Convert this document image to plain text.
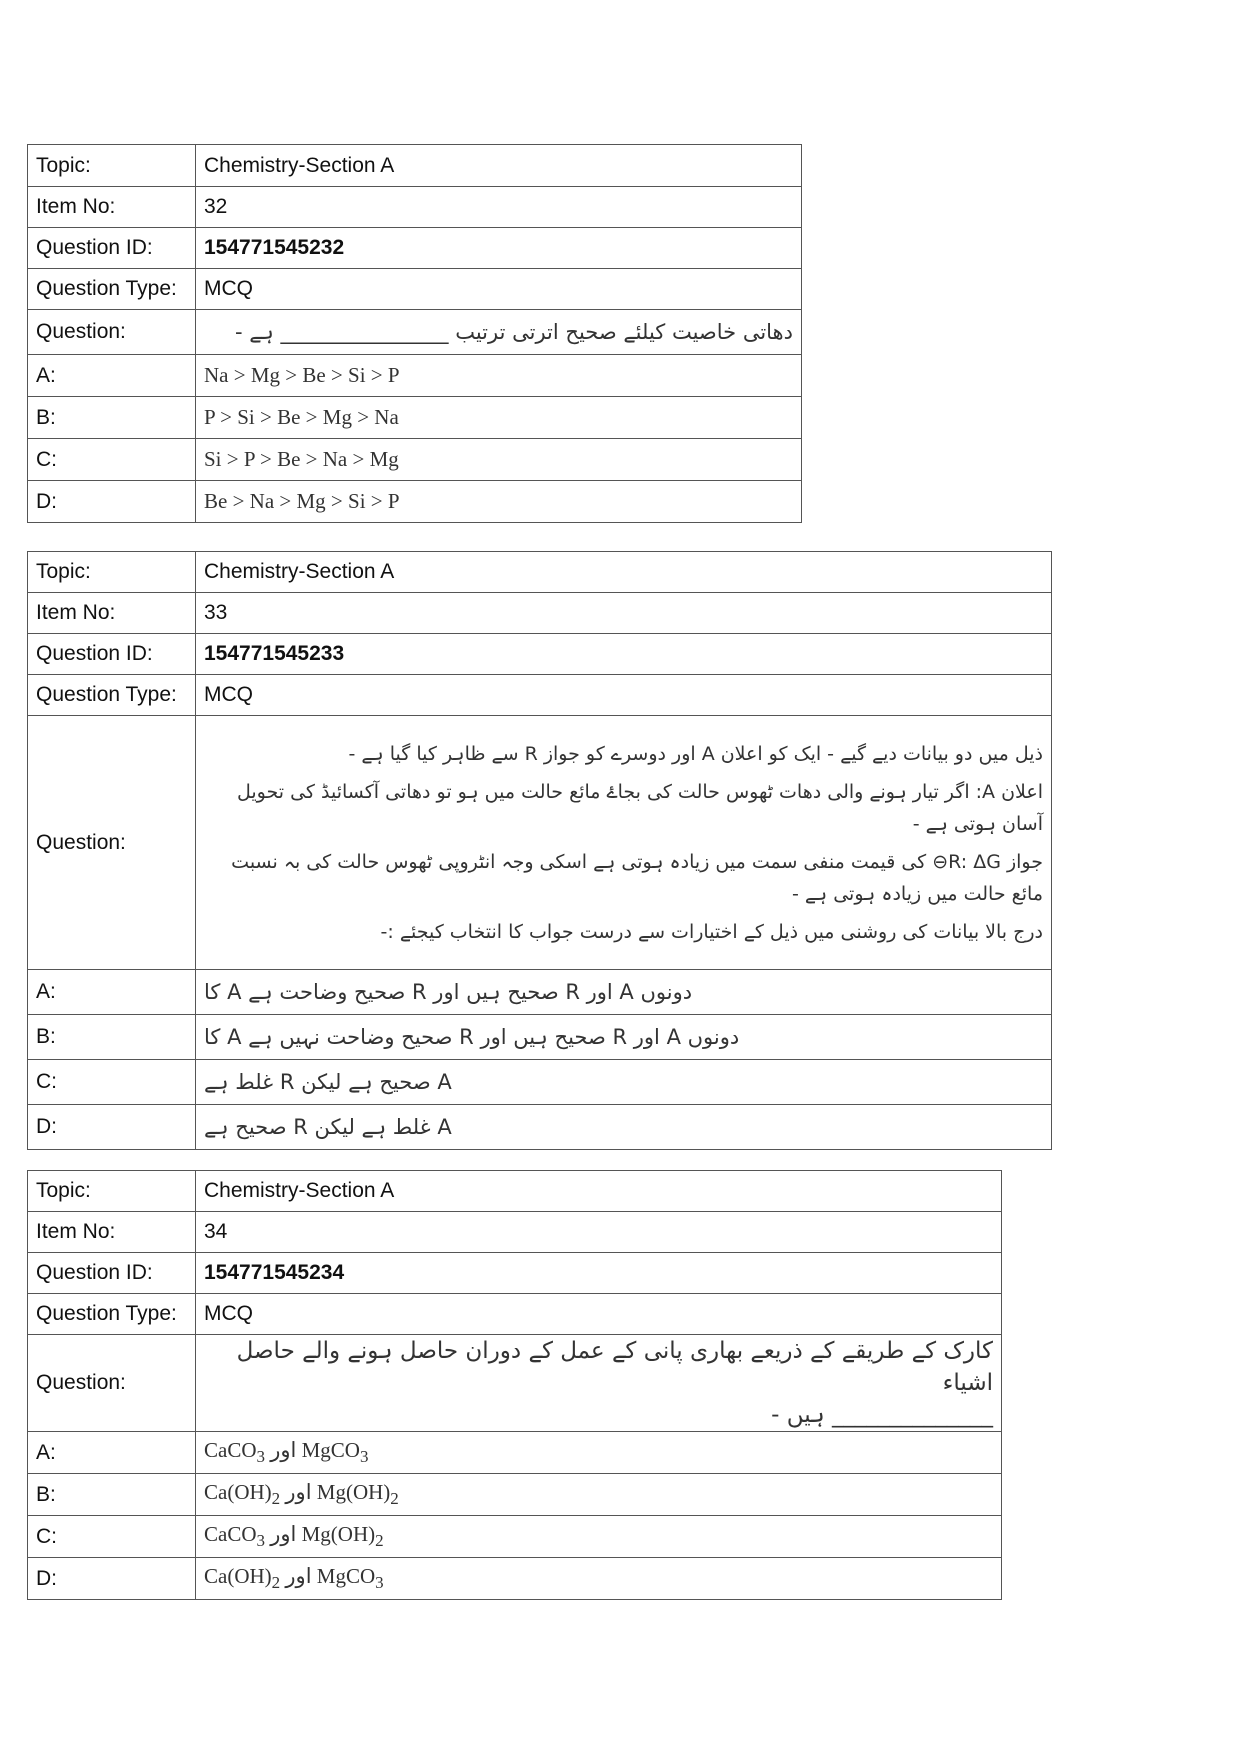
Topic:	Chemistry-Section A
Item No:	32
Question ID:	154771545232
Question Type:	MCQ
Question:	دھاتی خاصیت کیلئے صحیح اترتی ترتیب ________________ ہے -

A:	Na > Mg > Be > Si > P
B:	P > Si > Be > Mg > Na
C:	Si > P > Be > Na > Mg
D:	Be > Na > Mg > Si > P
Topic:	Chemistry-Section A
Item No:	33
Question ID:	154771545233
Question Type:	MCQ
Question:	ذیل میں دو بیانات دیے گیے - ایک کو اعلان A اور دوسرے کو جواز R سے ظاہر کیا گیا ہے -

اعلان A: اگر تیار ہونے والی دھات ٹھوس حالت کی بجاۓ مائع حالت میں ہو تو دھاتی آکسائیڈ کی تحویل آسان ہوتی ہے -

جواز R: ΔG⊖ کی قیمت منفی سمت میں زیادہ ہوتی ہے اسکی وجہ انٹروپی ٹھوس حالت کی بہ نسبت مائع حالت میں زیادہ ہوتی ہے -

درج بالا بیانات کی روشنی میں ذیل کے اختیارات سے درست جواب کا انتخاب کیجئے :-

A:	دونوں A اور R صحیح ہیں اور R صحیح وضاحت ہے A کا

B:	دونوں A اور R صحیح ہیں اور R صحیح وضاحت نہیں ہے A کا

C:	A صحیح ہے لیکن R غلط ہے

D:	A غلط ہے لیکن R صحیح ہے

Topic:	Chemistry-Section A
Item No:	34
Question ID:	154771545234
Question Type:	MCQ
Question:	کارک کے طریقے کے ذریعے بھاری پانی کے عمل کے دوران حاصل ہونے والے حاصل اشیاء

______________ ہیں -

A:	CaCO$_3$ اور MgCO$_3$
B:	$Ca(OH)_2$ اور $Mg(OH)_2$
C:	CaCO$_3$ اور $Mg(OH)_2$
D:	$Ca(OH)_2$ اور MgCO$_3$
